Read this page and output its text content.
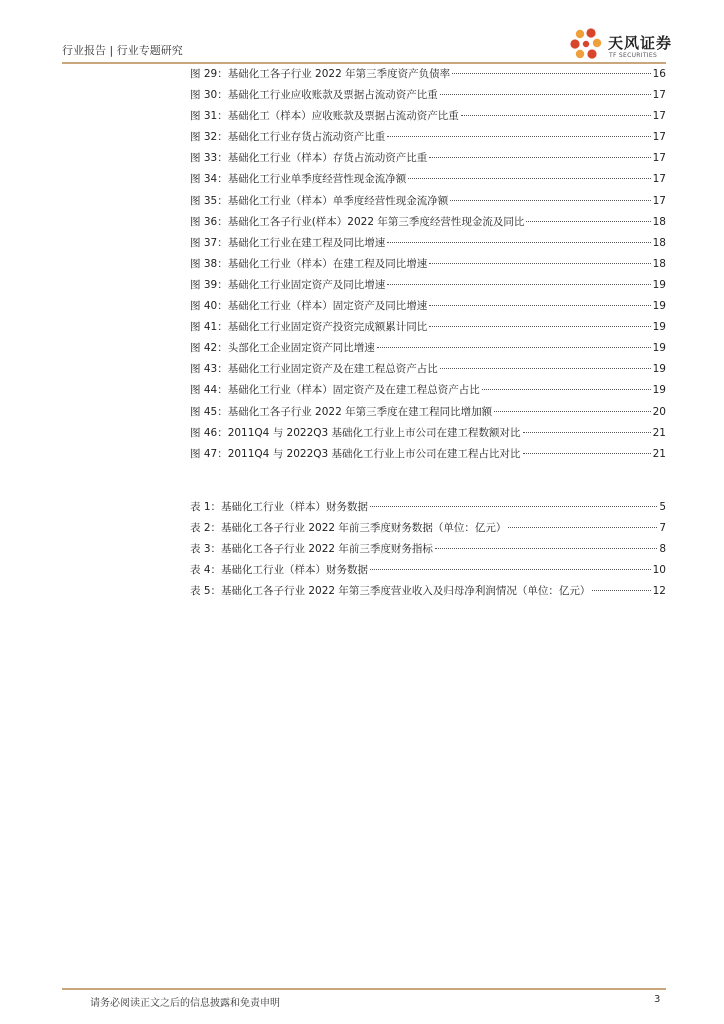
行业报告 | 行业专题研究	天风证券
TF SECURITIES
图 29：基础化工各子行业 2022 年第三季度资产负债率	16
图 30：基础化工行业应收账款及票据占流动资产比重	17
图 31：基础化工（样本）应收账款及票据占流动资产比重	17
图 32：基础化工行业存货占流动资产比重	17
图 33：基础化工行业（样本）存货占流动资产比重	17
图 34：基础化工行业单季度经营性现金流净额	17
图 35：基础化工行业（样本）单季度经营性现金流净额	17
图 36：基础化工各子行业(样本）2022 年第三季度经营性现金流及同比	18
图 37：基础化工行业在建工程及同比增速	18
图 38：基础化工行业（样本）在建工程及同比增速	18
图 39：基础化工行业固定资产及同比增速	19
图 40：基础化工行业（样本）固定资产及同比增速	19
图 41：基础化工行业固定资产投资完成额累计同比	19
图 42：头部化工企业固定资产同比增速	19
图 43：基础化工行业固定资产及在建工程总资产占比	19
图 44：基础化工行业（样本）固定资产及在建工程总资产占比	19
图 45：基础化工各子行业 2022 年第三季度在建工程同比增加额	20
图 46：2011Q4 与 2022Q3 基础化工行业上市公司在建工程数额对比	21
图 47：2011Q4 与 2022Q3 基础化工行业上市公司在建工程占比对比	21
表 1：基础化工行业（样本）财务数据	5
表 2：基础化工各子行业 2022 年前三季度财务数据（单位：亿元）	7
表 3：基础化工各子行业 2022 年前三季度财务指标	8
表 4：基础化工行业（样本）财务数据	10
表 5：基础化工各子行业 2022 年第三季度营业收入及归母净利润情况（单位：亿元）	12
请务必阅读正文之后的信息披露和免责申明	3
